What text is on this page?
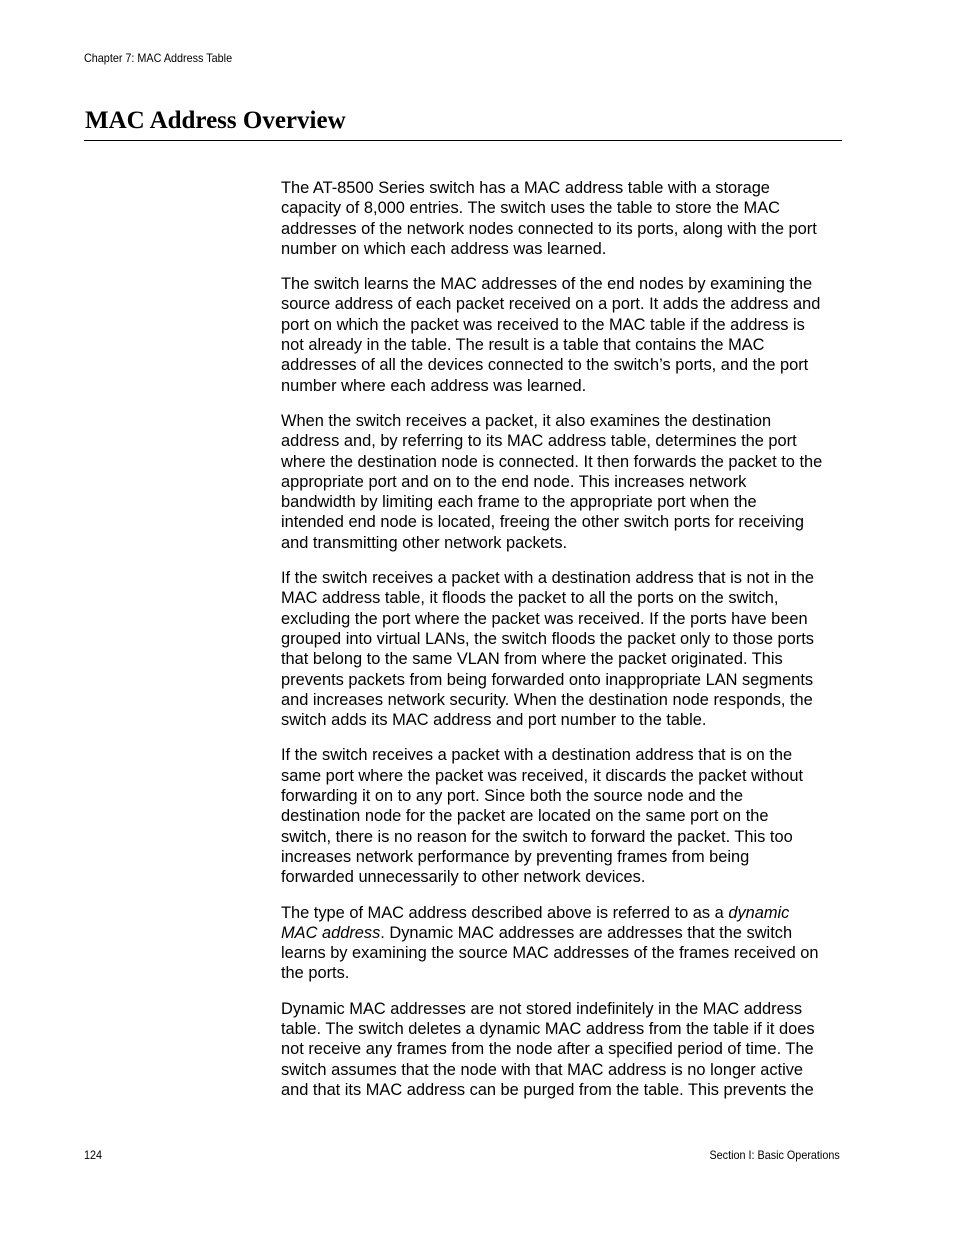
Chapter 7: MAC Address Table
MAC Address Overview

The AT-8500 Series switch has a MAC address table with a storage
capacity of 8,000 entries. The switch uses the table to store the MAC
addresses of the network nodes connected to its ports, along with the port
number on which each address was learned.

The switch learns the MAC addresses of the end nodes by examining the
source address of each packet received on a port. It adds the address and
port on which the packet was received to the MAC table if the address is
not already in the table. The result is a table that contains the MAC
addresses of all the devices connected to the switch’s ports, and the port
number where each address was learned.

When the switch receives a packet, it also examines the destination
address and, by referring to its MAC address table, determines the port
where the destination node is connected. It then forwards the packet to the
appropriate port and on to the end node. This increases network
bandwidth by limiting each frame to the appropriate port when the
intended end node is located, freeing the other switch ports for receiving
and transmitting other network packets.

If the switch receives a packet with a destination address that is not in the
MAC address table, it floods the packet to all the ports on the switch,
excluding the port where the packet was received. If the ports have been
grouped into virtual LANs, the switch floods the packet only to those ports
that belong to the same VLAN from where the packet originated. This
prevents packets from being forwarded onto inappropriate LAN segments
and increases network security. When the destination node responds, the
switch adds its MAC address and port number to the table.

If the switch receives a packet with a destination address that is on the
same port where the packet was received, it discards the packet without
forwarding it on to any port. Since both the source node and the
destination node for the packet are located on the same port on the
switch, there is no reason for the switch to forward the packet. This too
increases network performance by preventing frames from being
forwarded unnecessarily to other network devices.

The type of MAC address described above is referred to as a dynamic
MAC address. Dynamic MAC addresses are addresses that the switch
learns by examining the source MAC addresses of the frames received on
the ports.

Dynamic MAC addresses are not stored indefinitely in the MAC address
table. The switch deletes a dynamic MAC address from the table if it does
not receive any frames from the node after a specified period of time. The
switch assumes that the node with that MAC address is no longer active
and that its MAC address can be purged from the table. This prevents the

124	Section I: Basic Operations
